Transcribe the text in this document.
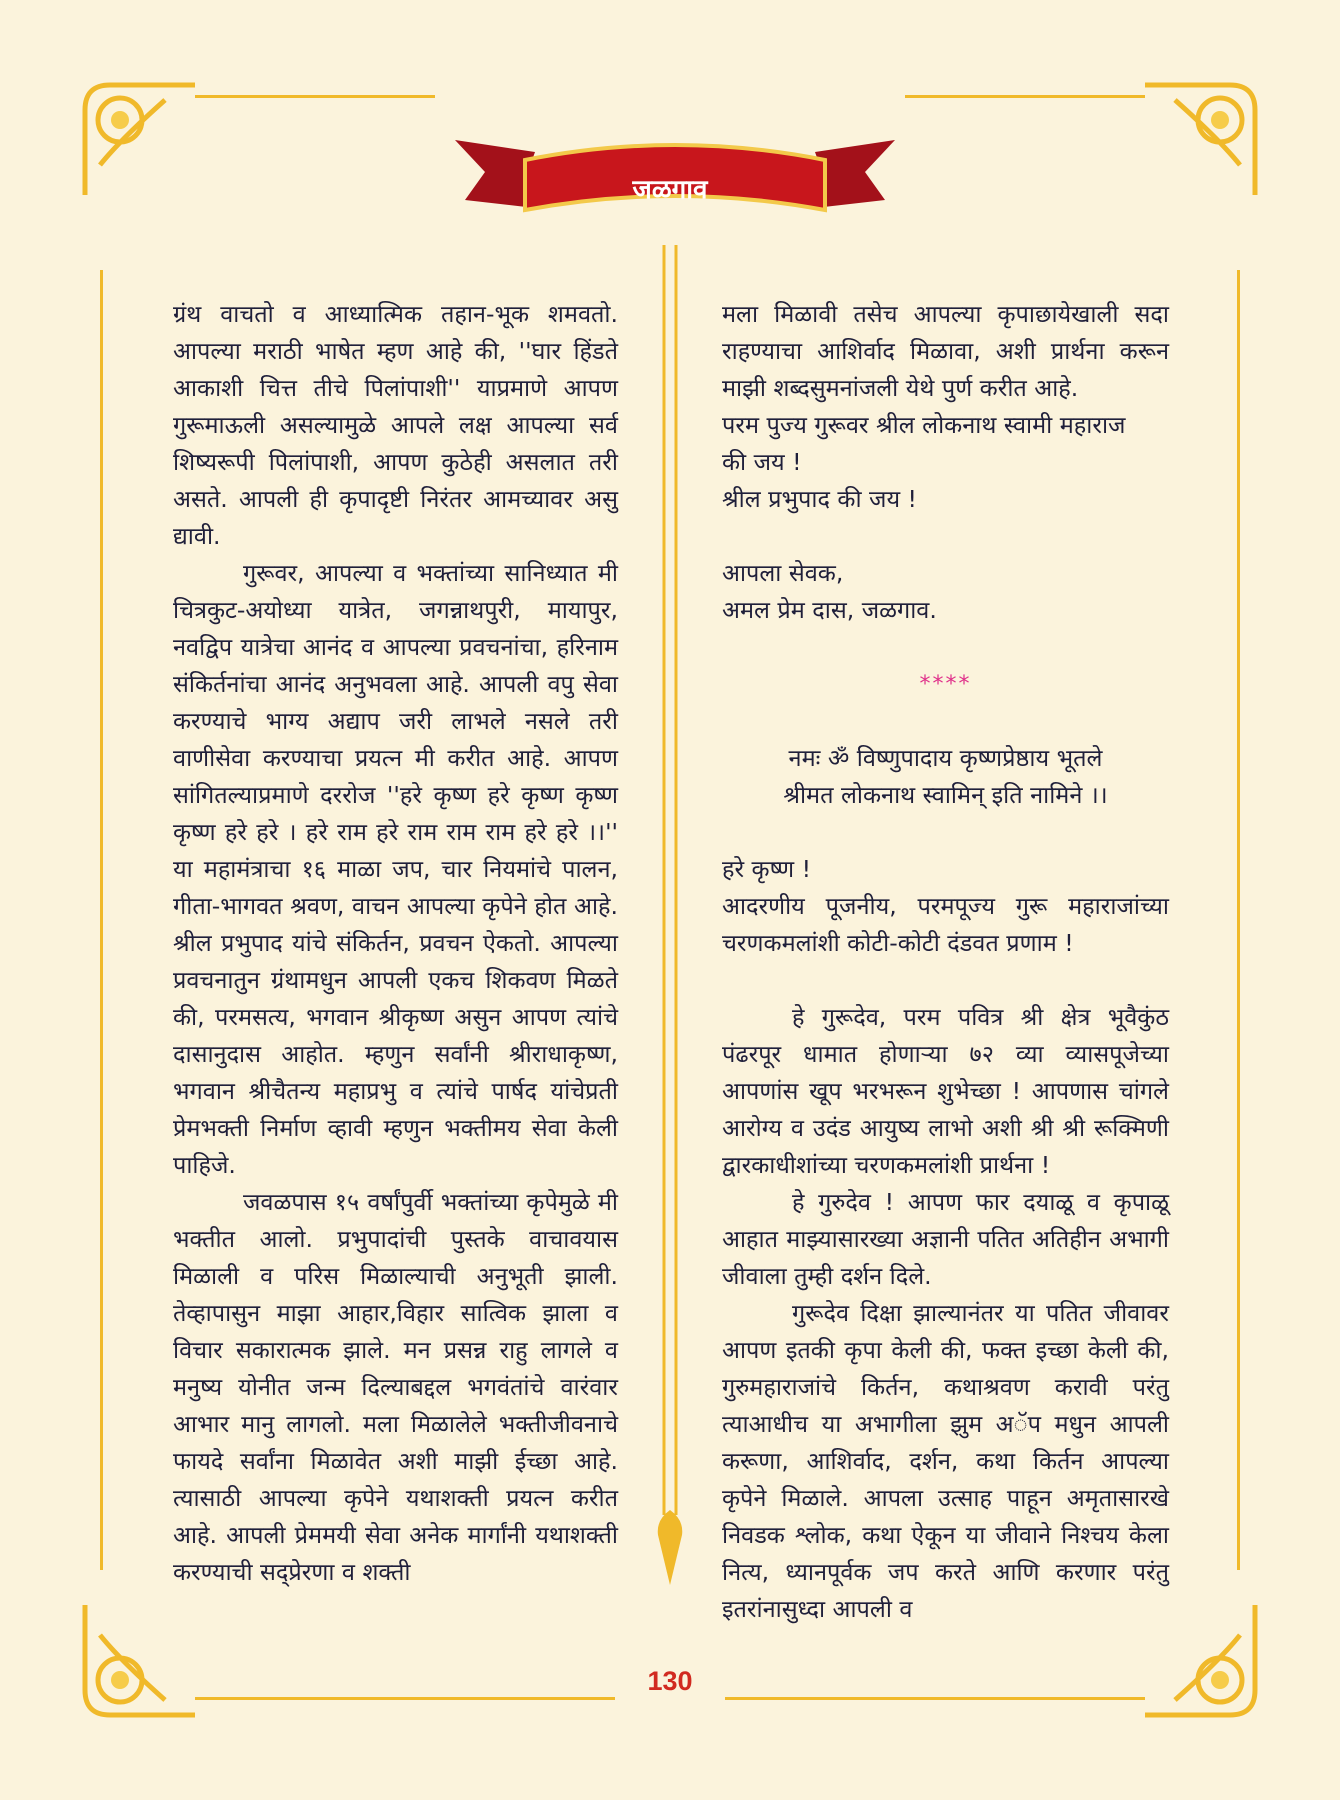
जळगाव

ग्रंथ वाचतो व आध्यात्मिक तहान-भूक शमवतो. आपल्या मराठी भाषेत म्हण आहे की, ''घार हिंडते आकाशी चित्त तीचे पिलांपाशी'' याप्रमाणे आपण गुरूमाऊली असल्यामुळे आपले लक्ष आपल्या सर्व शिष्यरूपी पिलांपाशी, आपण कुठेही असलात तरी असते. आपली ही कृपादृष्टी निरंतर आमच्यावर असु द्यावी.

गुरूवर, आपल्या व भक्तांच्या सानिध्यात मी चित्रकुट-अयोध्या यात्रेत, जगन्नाथपुरी, मायापुर, नवद्विप यात्रेचा आनंद व आपल्या प्रवचनांचा, हरिनाम संकिर्तनांचा आनंद अनुभवला आहे. आपली वपु सेवा करण्याचे भाग्य अद्याप जरी लाभले नसले तरी वाणीसेवा करण्याचा प्रयत्न मी करीत आहे. आपण सांगितल्याप्रमाणे दररोज ''हरे कृष्ण हरे कृष्ण कृष्ण कृष्ण हरे हरे । हरे राम हरे राम राम राम हरे हरे ।।'' या महामंत्राचा १६ माळा जप, चार नियमांचे पालन, गीता-भागवत श्रवण, वाचन आपल्या कृपेने होत आहे. श्रील प्रभुपाद यांचे संकिर्तन, प्रवचन ऐकतो. आपल्या प्रवचनातुन ग्रंथामधुन आपली एकच शिकवण मिळते की, परमसत्य, भगवान श्रीकृष्ण असुन आपण त्यांचे दासानुदास आहोत. म्हणुन सर्वांनी श्रीराधाकृष्ण, भगवान श्रीचैतन्य महाप्रभु व त्यांचे पार्षद यांचेप्रती प्रेमभक्ती निर्माण व्हावी म्हणुन भक्तीमय सेवा केली पाहिजे.

जवळपास १५ वर्षांपुर्वी भक्तांच्या कृपेमुळे मी भक्तीत आलो. प्रभुपादांची पुस्तके वाचावयास मिळाली व परिस मिळाल्याची अनुभूती झाली. तेव्हापासुन माझा आहार,विहार सात्विक झाला व विचार सकारात्मक झाले. मन प्रसन्न राहु लागले व मनुष्य योनीत जन्म दिल्याबद्दल भगवंतांचे वारंवार आभार मानु लागलो. मला मिळालेले भक्तीजीवनाचे फायदे सर्वांना मिळावेत अशी माझी ईच्छा आहे. त्यासाठी आपल्या कृपेने यथाशक्ती प्रयत्न करीत आहे. आपली प्रेममयी सेवा अनेक मार्गांनी यथाशक्ती करण्याची सद्प्रेरणा व शक्ती

मला मिळावी तसेच आपल्या कृपाछायेखाली सदा राहण्याचा आशिर्वाद मिळावा, अशी प्रार्थना करून माझी शब्दसुमनांजली येथे पुर्ण करीत आहे.

परम पुज्य गुरूवर श्रील लोकनाथ स्वामी महाराज

की जय !

श्रील प्रभुपाद की जय !

आपला सेवक,

अमल प्रेम दास, जळगाव.

****

नमः ॐ विष्णुपादाय कृष्णप्रेष्ठाय भूतले

श्रीमत लोकनाथ स्वामिन् इति नामिने ।।

हरे कृष्ण !

आदरणीय पूजनीय, परमपूज्य गुरू महाराजांच्या चरणकमलांशी कोटी-कोटी दंडवत प्रणाम !

हे गुरूदेव, परम पवित्र श्री क्षेत्र भूवैकुंठ पंढरपूर धामात होणाऱ्या ७२ व्या व्यासपूजेच्या आपणांस खूप भरभरून शुभेच्छा ! आपणास चांगले आरोग्य व उदंड आयुष्य लाभो अशी श्री श्री रूक्मिणी द्वारकाधीशांच्या चरणकमलांशी प्रार्थना !

हे गुरुदेव ! आपण फार दयाळू व कृपाळू आहात माझ्यासारख्या अज्ञानी पतित अतिहीन अभागी जीवाला तुम्ही दर्शन दिले.

गुरूदेव दिक्षा झाल्यानंतर या पतित जीवावर आपण इतकी कृपा केली की, फक्त इच्छा केली की, गुरुमहाराजांचे किर्तन, कथाश्रवण करावी परंतु त्याआधीच या अभागीला झुम अॅप मधुन आपली करूणा, आशिर्वाद, दर्शन, कथा किर्तन आपल्या कृपेने मिळाले. आपला उत्साह पाहून अमृतासारखे निवडक श्लोक, कथा ऐकून या जीवाने निश्चय केला नित्य, ध्यानपूर्वक जप करते आणि करणार परंतु इतरांनासुध्दा आपली व

130
